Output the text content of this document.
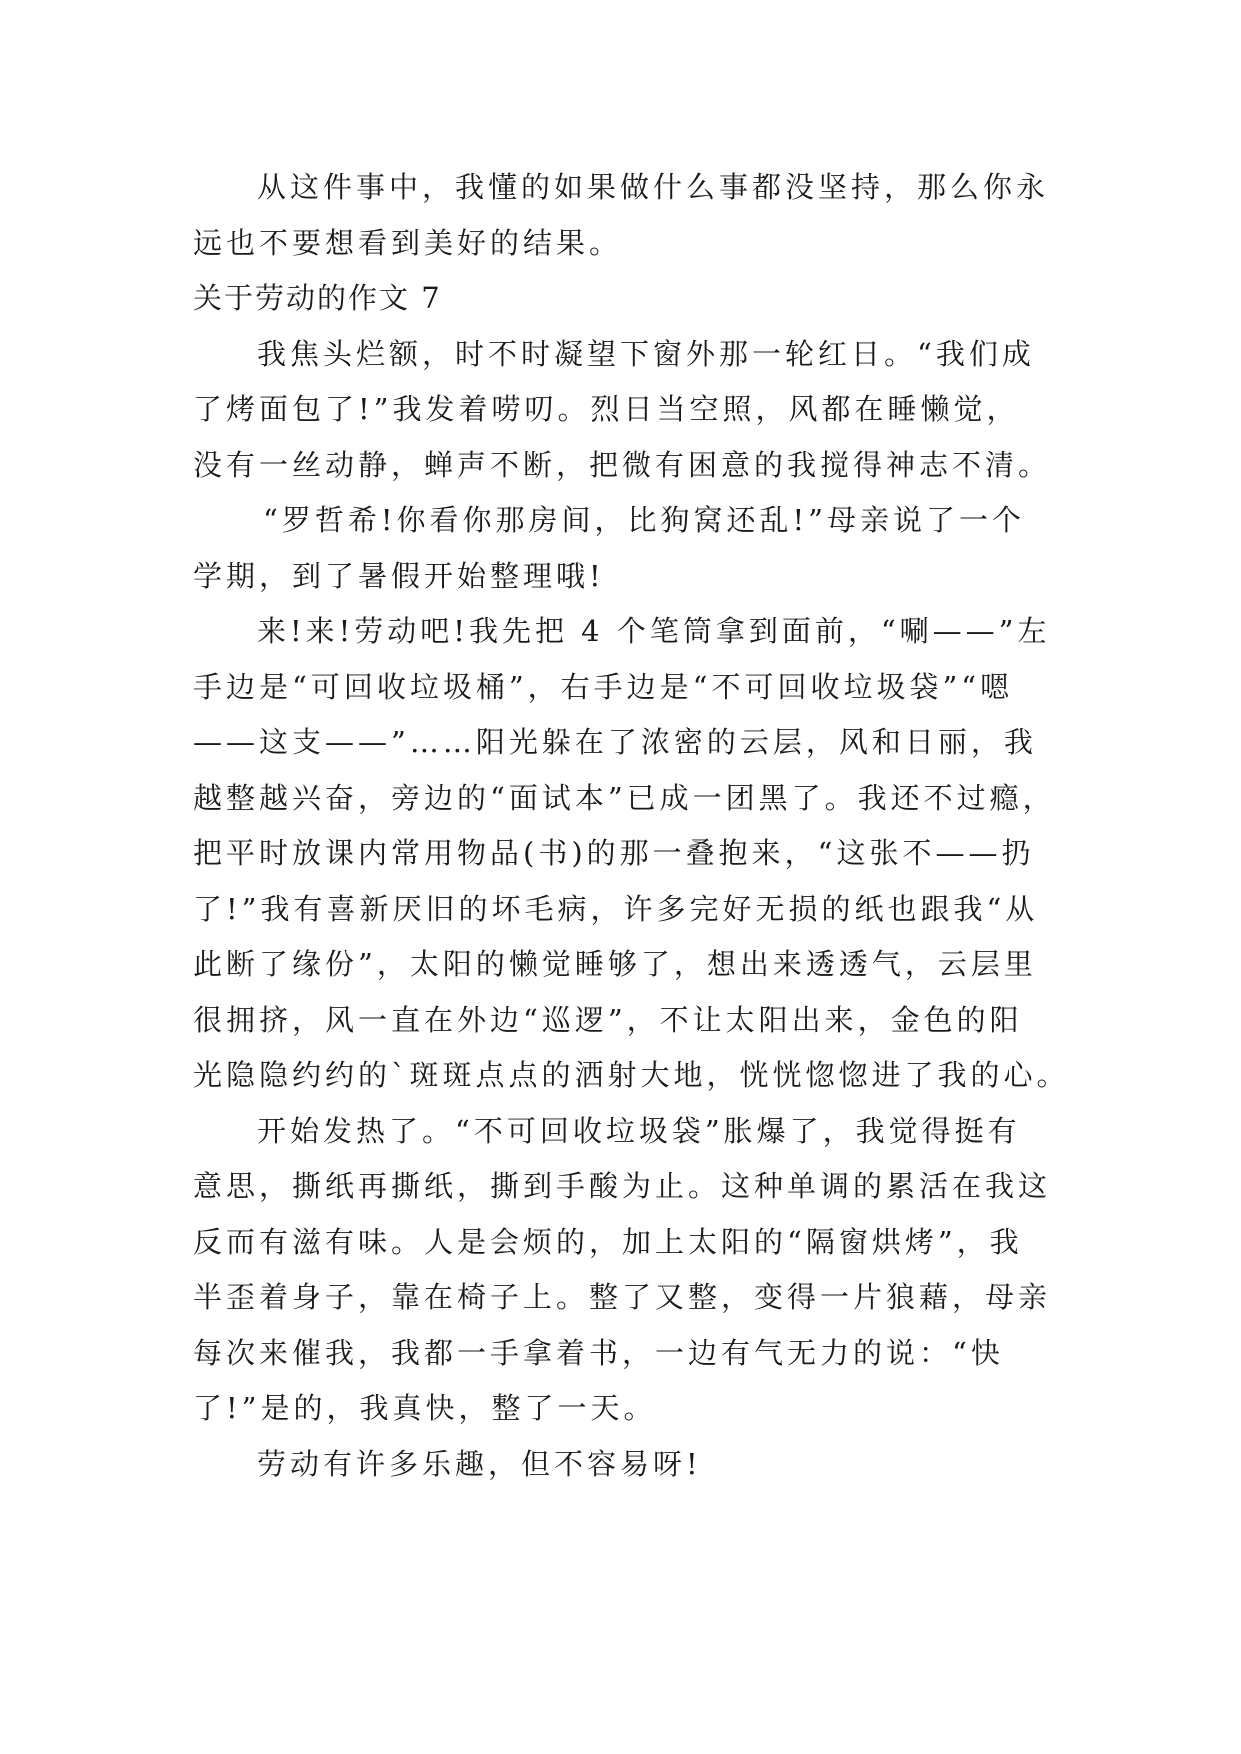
从这件事中，我懂的如果做什么事都没坚持，那么你永
远也不要想看到美好的结果。
关于劳动的作文 7
我焦头烂额，时不时凝望下窗外那一轮红日。“我们成
了烤面包了!”我发着唠叨。烈日当空照，风都在睡懒觉，
没有一丝动静，蝉声不断，把微有困意的我搅得神志不清。
“罗哲希!你看你那房间，比狗窝还乱!”母亲说了一个
学期，到了暑假开始整理哦!
来!来!劳动吧!我先把 4 个笔筒拿到面前，“唰——”左
手边是“可回收垃圾桶”，右手边是“不可回收垃圾袋”“嗯
——这支——”……阳光躲在了浓密的云层，风和日丽，我
越整越兴奋，旁边的“面试本”已成一团黑了。我还不过瘾，
把平时放课内常用物品(书)的那一叠抱来，“这张不——扔
了!”我有喜新厌旧的坏毛病，许多完好无损的纸也跟我“从
此断了缘份”，太阳的懒觉睡够了，想出来透透气，云层里
很拥挤，风一直在外边“巡逻”，不让太阳出来，金色的阳
光隐隐约约的`斑斑点点的洒射大地，恍恍惚惚进了我的心。
开始发热了。“不可回收垃圾袋”胀爆了，我觉得挺有
意思，撕纸再撕纸，撕到手酸为止。这种单调的累活在我这
反而有滋有味。人是会烦的，加上太阳的“隔窗烘烤”，我
半歪着身子，靠在椅子上。整了又整，变得一片狼藉，母亲
每次来催我，我都一手拿着书，一边有气无力的说：“快
了!”是的，我真快，整了一天。
劳动有许多乐趣，但不容易呀!
